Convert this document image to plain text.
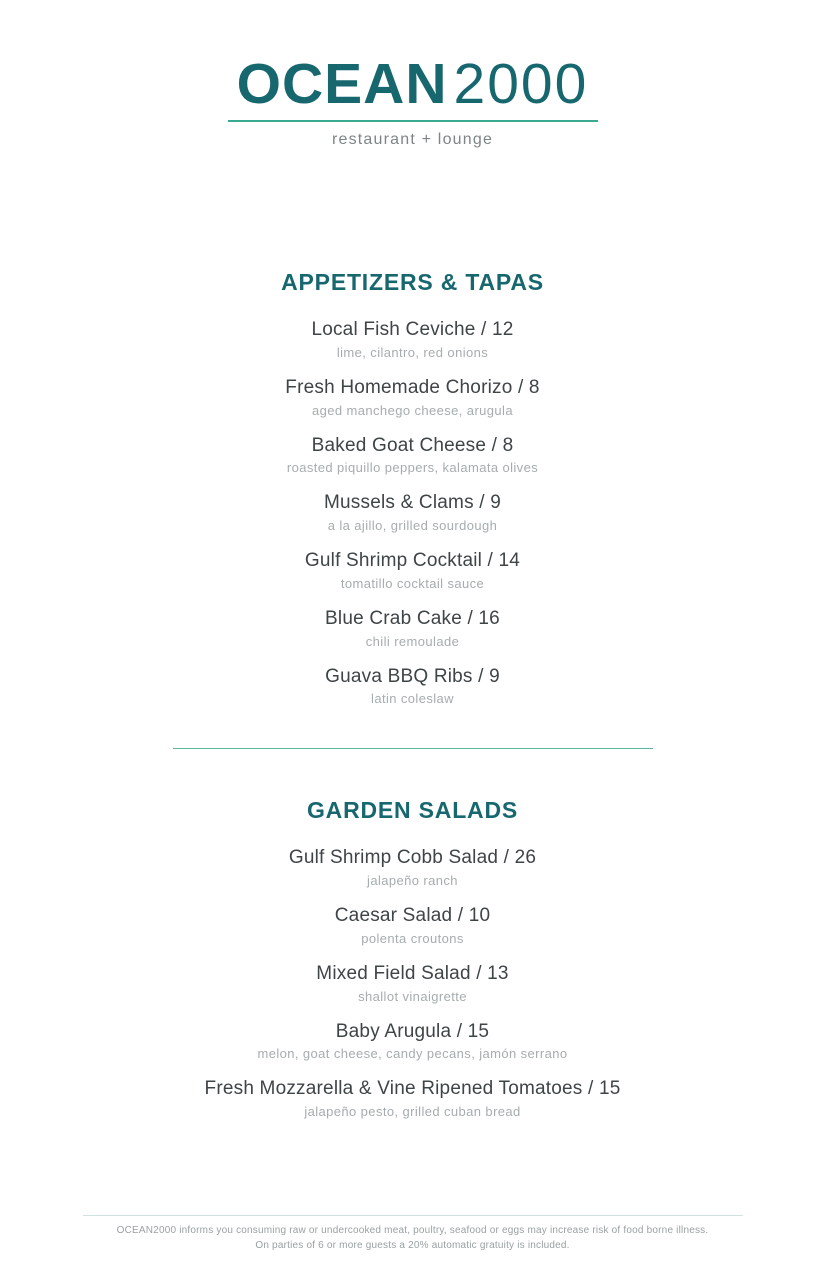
OCEAN 2000
restaurant + lounge
APPETIZERS & TAPAS
Local Fish Ceviche / 12
lime, cilantro, red onions
Fresh Homemade Chorizo / 8
aged manchego cheese, arugula
Baked Goat Cheese / 8
roasted piquillo peppers, kalamata olives
Mussels & Clams / 9
a la ajillo, grilled sourdough
Gulf Shrimp Cocktail / 14
tomatillo cocktail sauce
Blue Crab Cake / 16
chili remoulade
Guava BBQ Ribs / 9
latin coleslaw
GARDEN SALADS
Gulf Shrimp Cobb Salad / 26
jalapeño ranch
Caesar Salad / 10
polenta croutons
Mixed Field Salad / 13
shallot vinaigrette
Baby Arugula / 15
melon, goat cheese, candy pecans, jamón serrano
Fresh Mozzarella & Vine Ripened Tomatoes / 15
jalapeño pesto, grilled cuban bread
OCEAN2000 informs you consuming raw or undercooked meat, poultry, seafood or eggs may increase risk of food borne illness.
On parties of 6 or more guests a 20% automatic gratuity is included.
